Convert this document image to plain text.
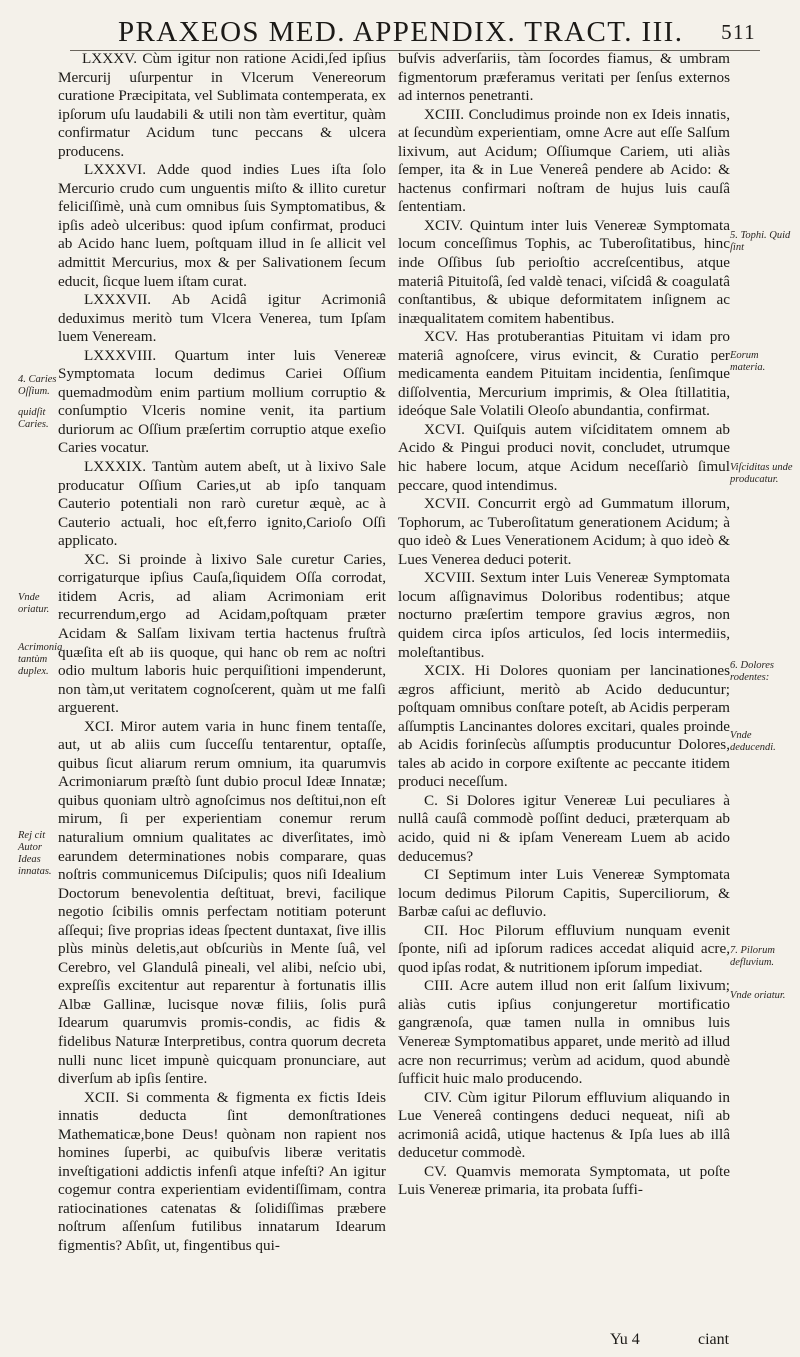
PRAXEOS MED. APPENDIX. TRACT. III. 511

LXXXV. Cùm igitur non ratione Acidi,ſed ipſius Mercurij uſurpentur in Vlcerum Venereorum curatione Præcipitata, vel Sublimata contemperata, ex ipſorum uſu laudabili & utili non tàm evertitur, quàm confirmatur Acidum tunc peccans & ulcera producens.

LXXXVI. Adde quod indies Lues iſta ſolo Mercurio crudo cum unguentis miſto & illito curetur feliciſſimè, unà cum omnibus ſuis Symptomatibus, & ipſis adeò ulceribus: quod ipſum confirmat, produci ab Acido hanc luem, poſtquam illud in ſe allicit vel admittit Mercurius, mox & per Salivationem ſecum educit, ſicque luem iſtam curat.

LXXXVII. Ab Acidâ igitur Acrimoniâ deduximus meritò tum Vlcera Venerea, tum Ipſam luem Veneream.

LXXXVIII. Quartum inter luis Venereæ Symptomata locum dedimus Cariei Oſſium quemadmodùm enim partium mollium corruptio & conſumptio Vlceris nomine venit, ita partium duriorum ac Oſſium præſertim corruptio atque exeſio Caries vocatur.

LXXXIX. Tantùm autem abeſt, ut à lixivo Sale producatur Oſſium Caries,ut ab ipſo tanquam Cauterio potentiali non rarò curetur æquè, ac à Cauterio actuali, hoc eſt,ferro ignito,Carioſo Oſſi applicato.

XC. Si proinde à lixivo Sale curetur Caries, corrigaturque ipſius Cauſa,ſiquidem Oſſa corrodat, itidem Acris, ad aliam Acrimoniam erit recurrendum,ergo ad Acidam,poſtquam præter Acidam & Salſam lixivam tertia hactenus fruſtrà quæſita eſt ab iis quoque, qui hanc ob rem ac noſtri odio multum laboris huic perquiſitioni impenderunt, non tàm,ut veritatem cognoſcerent, quàm ut me falſi arguerent.

XCI. Miror autem varia in hunc finem tentaſſe, aut, ut ab aliis cum ſucceſſu tentarentur, optaſſe, quibus ſicut aliarum rerum omnium, ita quarumvis Acrimoniarum præſtò ſunt dubio procul Ideæ Innatæ; quibus quoniam ultrò agnoſcimus nos deſtitui,non eſt mirum, ſi per experientiam conemur rerum naturalium omnium qualitates ac diverſitates, imò earundem determinationes nobis comparare, quas noſtris communicemus Diſcipulis; quos niſi Idealium Doctorum benevolentia deſtituat, brevi, facilique negotio ſcibilis omnis perfectam notitiam poterunt aſſequi; ſive proprias ideas ſpectent duntaxat, ſive illis plùs minùs deletis,aut obſcuriùs in Mente ſuâ, vel Cerebro, vel Glandulâ pineali, vel alibi, neſcio ubi, expreſſis excitentur aut reparentur à fortunatis illis Albæ Gallinæ, lucisque novæ filiis, ſolis purâ Idearum quarumvis promis-condis, ac fidis & fidelibus Naturæ Interpretibus, contra quorum decreta nulli nunc licet impunè quicquam pronunciare, aut diverſum ab ipſis ſentire.

XCII. Si commenta & figmenta ex fictis Ideis innatis deducta ſint demonſtrationes Mathematicæ,bone Deus! quònam non rapient nos homines ſuperbi, ac quibuſvis liberæ veritatis inveſtigationi addictis infenſi atque infeſti? An igitur cogemur contra experientiam evidentiſſimam, contra ratiocinationes catenatas & ſolidiſſimas præbere noſtrum aſſenſum futilibus innatarum Idearum figmentis? Abſit, ut, fingentibus qui-

buſvis adverſariis, tàm ſocordes fiamus, & umbram figmentorum præferamus veritati per ſenſus externos ad internos penetranti.

XCIII. Concludimus proinde non ex Ideis innatis, at ſecundùm experientiam, omne Acre aut eſſe Salſum lixivum, aut Acidum; Oſſiumque Cariem, uti aliàs ſemper, ita & in Lue Venereâ pendere ab Acido: & hactenus confirmari noſtram de hujus luis cauſâ ſententiam.

XCIV. Quintum inter luis Venereæ Symptomata locum conceſſimus Tophis, ac Tuberoſitatibus, hinc inde Oſſibus ſub perioſtio accreſcentibus, atque materiâ Pituitoſâ, ſed valdè tenaci, viſcidâ & coagulatâ conſtantibus, & ubique deformitatem inſignem ac inæqualitatem comitem habentibus.

XCV. Has protuberantias Pituitam vi idam pro materiâ agnoſcere, virus evincit, & Curatio per medicamenta eandem Pituitam incidentia, ſenſimque diſſolventia, Mercurium imprimis, & Olea ſtillatitia, ideóque Sale Volatili Oleoſo abundantia, confirmat.

XCVI. Quiſquis autem viſciditatem omnem ab Acido & Pingui produci novit, concludet, utrumque hic habere locum, atque Acidum neceſſariò ſimul peccare, quod intendimus.

XCVII. Concurrit ergò ad Gummatum illorum, Tophorum, ac Tuberoſitatum generationem Acidum; à quo ideò & Lues Venerationem Acidum; à quo ideò & Lues Venerea deduci poterit.

XCVIII. Sextum inter Luis Venereæ Symptomata locum aſſignavimus Doloribus rodentibus; atque nocturno præſertim tempore gravius ægros, non quidem circa ipſos articulos, ſed locis intermediis, moleſtantibus.

XCIX. Hi Dolores quoniam per lancinationes ægros afficiunt, meritò ab Acido deducuntur; poſtquam omnibus conſtare poteſt, ab Acidis perperam aſſumptis Lancinantes dolores excitari, quales proinde ab Acidis forinſecùs aſſumptis producuntur Dolores, tales ab acido in corpore exiſtente ac peccante itidem produci neceſſum.

C. Si Dolores igitur Venereæ Lui peculiares à nullâ cauſâ commodè poſſint deduci, præterquam ab acido, quid ni & ipſam Veneream Luem ab acido deducemus?

CI Septimum inter Luis Venereæ Symptomata locum dedimus Pilorum Capitis, Superciliorum, & Barbæ caſui ac defluvio.

CII. Hoc Pilorum effluvium nunquam evenit ſponte, niſi ad ipſorum radices accedat aliquid acre, quod ipſas rodat, & nutritionem ipſorum impediat.

CIII. Acre autem illud non erit ſalſum lixivum; aliàs cutis ipſius conjungeretur mortificatio gangrænoſa, quæ tamen nulla in omnibus luis Venereæ Symptomatibus apparet, unde meritò ad illud acre non recurrimus; verùm ad acidum, quod abundè ſufficit huic malo producendo.

CIV. Cùm igitur Pilorum effluvium aliquando in Lue Venereâ contingens deduci nequeat, niſi ab acrimoniâ acidâ, utique hactenus & Ipſa lues ab illâ deducetur commodè.

CV. Quamvis memorata Symptomata, ut poſte Luis Venereæ primaria, ita probata ſuffi-

4. Caries Oſſium.
quidſit Caries.
Vnde oriatur.
Acrimonia tantùm duplex.
Rej cit Autor Ideas innatas.
5. Tophi. Quid ſint
Eorum materia.
Viſciditas unde producatur.
6. Dolores rodentes:
Vnde deducendi.
7. Pilorum defluvium.
Vnde oriatur.
Yu 4	ciant
